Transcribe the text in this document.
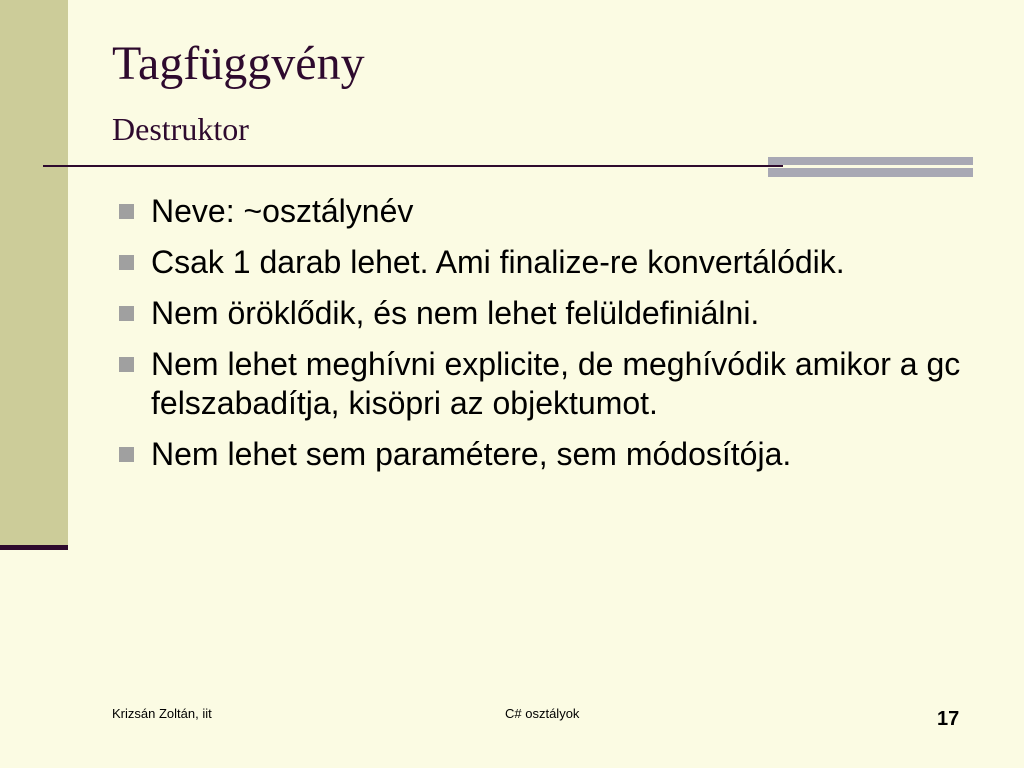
Tagfüggvény
Destruktor
Neve: ~osztálynév
Csak 1 darab lehet. Ami finalize-re konvertálódik.
Nem öröklődik, és nem lehet felüldefiniálni.
Nem lehet meghívni explicite, de meghívódik amikor a gc felszabadítja, kisöpri az objektumot.
Nem lehet sem paramétere, sem módosítója.
Krizsán Zoltán, iit	C# osztályok	17
